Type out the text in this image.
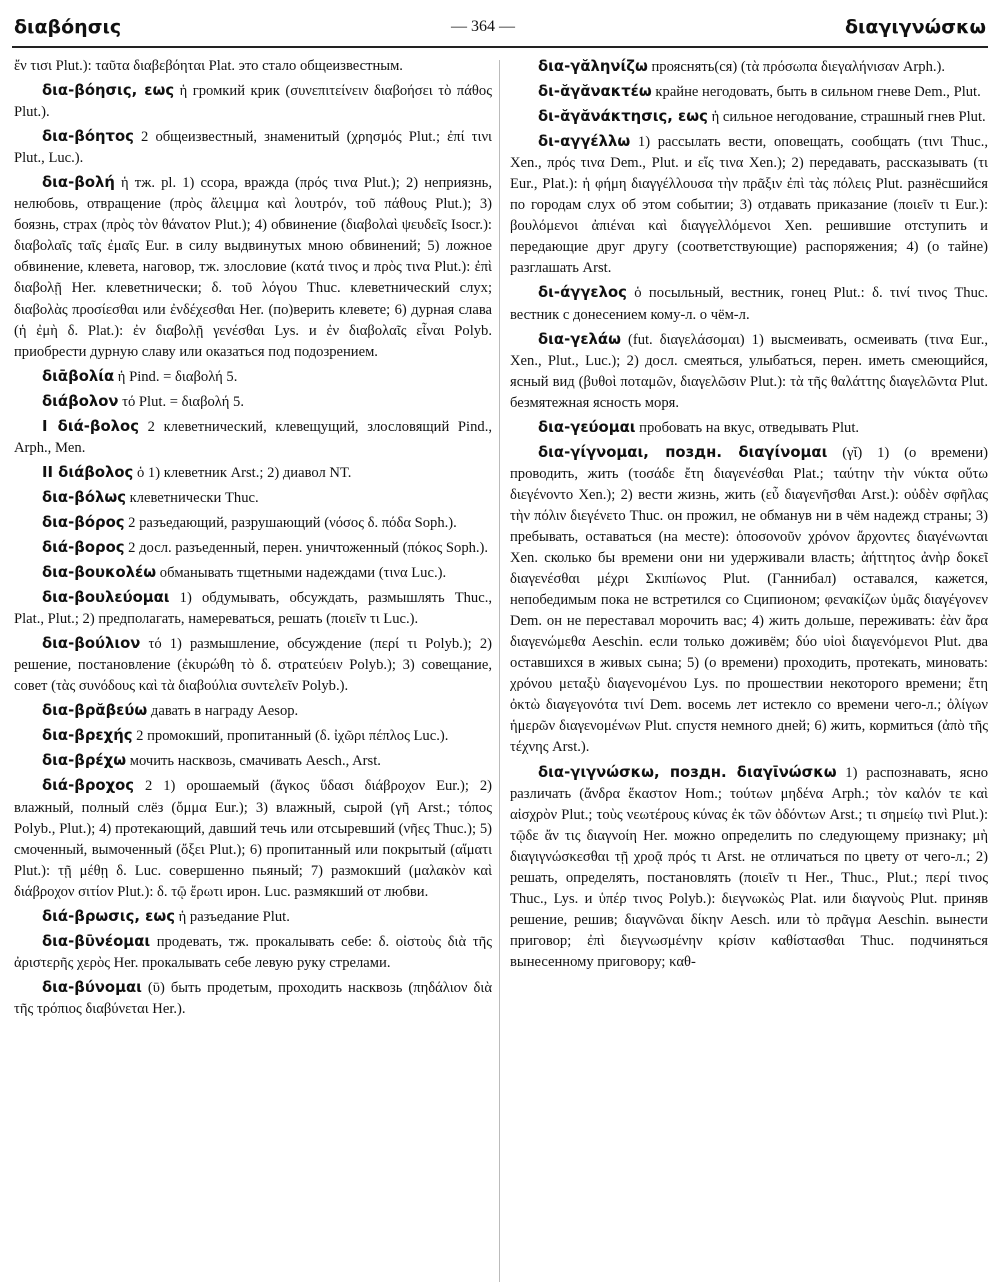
διαβόησις	— 364 —	διαγιγνώσκω

ἔν τισι Plut.): ταῦτα διαβεβόηται Plat. это стало общеизвестным.

δια-βόησις, εως ἡ громкий крик (συνεπιτείνειν διαβοήσει τὸ πάθος Plut.).

δια-βόητος 2 общеизвестный, знаменитый (χρησμός Plut.; ἐπί τινι Plut., Luc.).

δια-βολή ἡ тж. pl. 1) ссора, вражда (πρός τινα Plut.); 2) неприязнь, нелюбовь, отвращение (πρὸς ἄλειμμα καὶ λουτρόν, τοῦ πάθους Plut.); 3) боязнь, страх (πρὸς τὸν θάνατον Plut.); 4) обвинение (διαβολαὶ ψευδεῖς Isocr.): διαβολαῖς ταῖς ἐμαῖς Eur. в силу выдвинутых мною обвинений; 5) ложное обвинение, клевета, наговор, тж. злословие (κατά τινος и πρὸς τινα Plut.): ἐπὶ διαβολῇ Her. клеветнически; δ. τοῦ λόγου Thuc. клеветнический слух; διαβολὰς προσίεσθαι или ἐνδέχεσθαι Her. (по)верить клевете; 6) дурная слава (ἡ ἐμὴ δ. Plat.): ἐν διαβολῇ γενέσθαι Lys. и ἐν διαβολαῖς εἶναι Polyb. приобрести дурную славу или оказаться под подозрением.

διᾱβολία ἡ Pind. = διαβολή 5.

διάβολον τό Plut. = διαβολή 5.

I διά-βολος 2 клеветнический, клевещущий, злословящий Pind., Arph., Men.

II διάβολος ὁ 1) клеветник Arst.; 2) диавол NT.

δια-βόλως клеветнически Thuc.

δια-βόρος 2 разъедающий, разрушающий (νόσος δ. πόδα Soph.).

διά-βορος 2 досл. разъеденный, перен. уничтоженный (πόκος Soph.).

δια-βουκολέω обманывать тщетными надеждами (τινα Luc.).

δια-βουλεύομαι 1) обдумывать, обсуждать, размышлять Thuc., Plat., Plut.; 2) предполагать, намереваться, решать (ποιεῖν τι Luc.).

δια-βούλιον τό 1) размышление, обсуждение (περί τι Polyb.); 2) решение, постановление (ἐκυρώθη τὸ δ. στρατεύειν Polyb.); 3) совещание, совет (τὰς συνόδους καὶ τὰ διαβούλια συντελεῖν Polyb.).

δια-βρᾰβεύω давать в награду Aesop.

δια-βρεχής 2 промокший, пропитанный (δ. ἰχῶρι πέπλος Luc.).

δια-βρέχω мочить насквозь, смачивать Aesch., Arst.

διά-βροχος 2 1) орошаемый (ἄγκος ὕδασι διάβροχον Eur.); 2) влажный, полный слёз (ὄμμα Eur.); 3) влажный, сырой (γῆ Arst.; τόπος Polyb., Plut.); 4) протекающий, давший течь или отсыревший (νῆες Thuc.); 5) смоченный, вымоченный (ὄξει Plut.); 6) пропитанный или покрытый (αἵματι Plut.): τῇ μέθῃ δ. Luc. совершенно пьяный; 7) размокший (μαλακὸν καὶ διάβροχον σιτίον Plut.): δ. τῷ ἔρωτι ирон. Luc. размякший от любви.

διά-βρωσις, εως ἡ разъедание Plut.

δια-βῡνέομαι продевать, тж. прокалывать себе: δ. οἰστοὺς διὰ τῆς ἀριστερῆς χερὸς Her. прокалывать себе левую руку стрелами.

δια-βύνομαι (ῡ) быть продетым, проходить насквозь (πηδάλιον διὰ τῆς τρόπιος διαβύνεται Her.).

δια-γᾰληνίζω прояснять(ся) (τὰ πρόσωπα διεγαλήνισαν Arph.).

δι-ᾰγᾰνακτέω крайне негодовать, быть в сильном гневе Dem., Plut.

δι-ᾰγᾰνάκτησις, εως ἡ сильное негодование, страшный гнев Plut.

δι-αγγέλλω 1) рассылать вести, оповещать, сообщать (τινι Thuc., Xen., πρός τινα Dem., Plut. и εἴς τινα Xen.); 2) передавать, рассказывать (τι Eur., Plat.): ἡ φήμη διαγγέλλουσα τὴν πρᾶξιν ἐπὶ τὰς πόλεις Plut. разнёсшийся по городам слух об этом событии; 3) отдавать приказание (ποιεῖν τι Eur.): βουλόμενοι ἀπιέναι καὶ διαγγελλόμενοι Xen. решившие отступить и передающие друг другу (соответствующие) распоряжения; 4) (о тайне) разглашать Arst.

δι-άγγελος ὁ посыльный, вестник, гонец Plut.: δ. τινί τινος Thuc. вестник с донесением кому-л. о чём-л.

δια-γελάω (fut. διαγελάσομαι) 1) высмеивать, осмеивать (τινα Eur., Xen., Plut., Luc.); 2) досл. смеяться, улыбаться, перен. иметь смеющийся, ясный вид (βυθοὶ ποταμῶν, διαγελῶσιν Plut.): τὰ τῆς θαλάττης διαγελῶντα Plut. безмятежная ясность моря.

δια-γεύομαι пробовать на вкус, отведывать Plut.

δια-γίγνομαι, поздн. διαγίνομαι (γῐ) 1) (о времени) проводить, жить (τοσάδε ἔτη διαγενέσθαι Plat.; ταύτην τὴν νύκτα οὕτω διεγένοντο Xen.); 2) вести жизнь, жить (εὖ διαγενῆσθαι Arst.): οὐδὲν σφῆλας τὴν πόλιν διεγένετο Thuc. он прожил, не обманув ни в чём надежд страны; 3) пребывать, оставаться (на месте): ὁποσονοῦν χρόνον ἄρχοντες διαγένωνται Xen. сколько бы времени они ни удерживали власть; ἀήττητος ἀνὴρ δοκεῖ διαγενέσθαι μέχρι Σκιπίωνος Plut. (Ганнибал) оставался, кажется, непобедимым пока не встретился со Сципионом; φενακίζων ὑμᾶς διαγέγονεν Dem. он не переставал морочить вас; 4) жить дольше, переживать: ἐὰν ἄρα διαγενώμεθα Aeschin. если только доживём; δύο υἱοὶ διαγενόμενοι Plut. два оставшихся в живых сына; 5) (о времени) проходить, протекать, миновать: χρόνου μεταξὺ διαγενομένου Lys. по прошествии некоторого времени; ἔτη ὀκτὼ διαγεγονότα τινί Dem. восемь лет истекло со времени чего-л.; ὀλίγων ἡμερῶν διαγενομένων Plut. спустя немного дней; 6) жить, кормиться (ἀπὸ τῆς τέχνης Arst.).

δια-γιγνώσκω, поздн. διαγῑνώσκω 1) распознавать, ясно различать (ἄνδρα ἕκαστον Hom.; τούτων μηδένα Arph.; τὸν καλόν τε καὶ αἰσχρὸν Plut.; τοὺς νεωτέρους κύνας ἐκ τῶν ὀδόντων Arst.; τι σημείῳ τινὶ Plut.): τῷδε ἄν τις διαγνοίη Her. можно определить по следующему признаку; μὴ διαγιγνώσκεσθαι τῇ χροᾷ πρός τι Arst. не отличаться по цвету от чего-л.; 2) решать, определять, постановлять (ποιεῖν τι Her., Thuc., Plut.; περί τινος Thuc., Lys. и ὑπέρ τινος Polyb.): διεγνωκὼς Plat. или διαγνοὺς Plut. приняв решение, решив; διαγνῶναι δίκην Aesch. или τὸ πρᾶγμα Aeschin. вынести приговор; ἐπὶ διεγνωσμένην κρίσιν καθίστασθαι Thuc. подчиняться вынесенному приговору; καθ-
